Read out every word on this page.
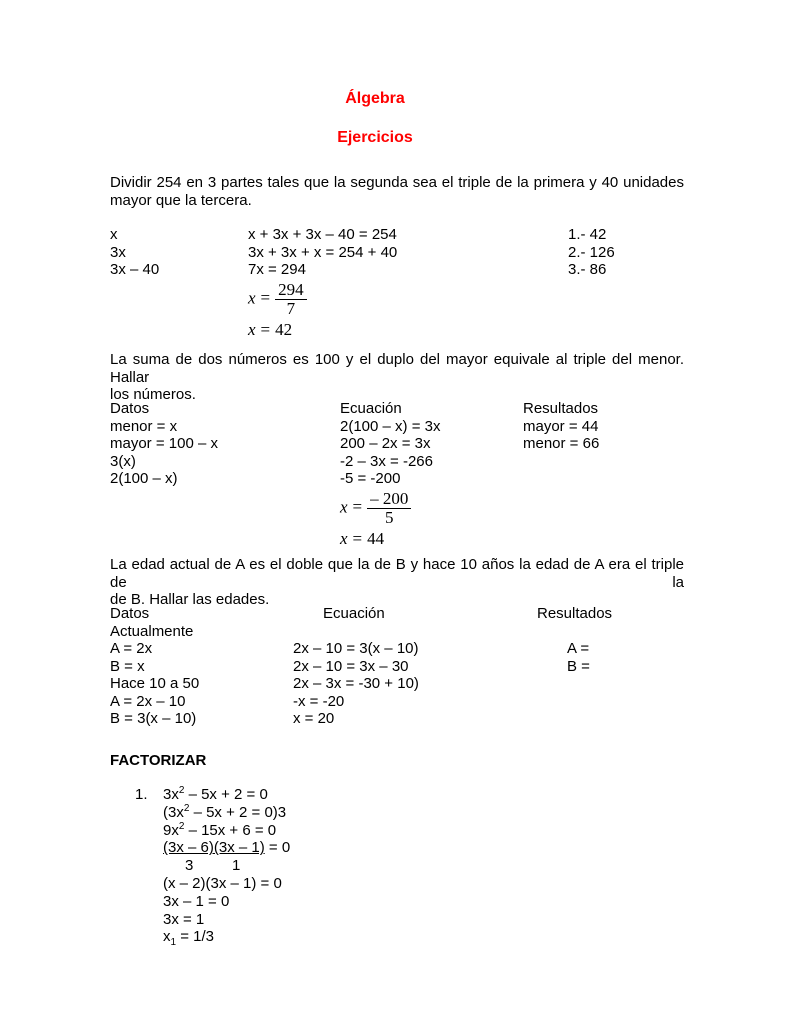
Álgebra
Ejercicios
Dividir 254 en 3 partes tales que la segunda sea el triple de la primera y 40 unidades
mayor que la tercera.
x
3x
3x – 40
x + 3x + 3x – 40 = 254
3x + 3x + x = 254 + 40
7x = 294
$x = \frac{294}{7}$
x = 42
1.- 42
2.- 126
3.- 86
La suma de dos números es 100 y el duplo del mayor equivale al triple del menor. Hallar
los números.
Datos
menor = x
mayor = 100 – x
3(x)
2(100 – x)
Ecuación
2(100 – x) = 3x
200 – 2x = 3x
-2 – 3x = -266
-5 = -200
$x = \frac{- 200}{5}$
x = 44
Resultados
mayor = 44
menor = 66
La edad actual de A es el doble que la de B y hace 10 años la edad de A era el triple de la
de B. Hallar las edades.
Datos
Actualmente
A = 2x
B = x
Hace 10 a 50
A = 2x – 10
B = 3(x – 10)
Ecuación
2x – 10 = 3(x – 10)
2x – 10 = 3x – 30
2x – 3x = -30 + 10)
-x = -20
x = 20
Resultados
A =
B =
FACTORIZAR
1. $3x^2 - 5x + 2 = 0$
$(3x^2 - 5x + 2 = 0)3$
$9x^2 - 15x + 6 = 0$
(3x – 6)(3x – 1) = 0
3	1
(x – 2)(3x – 1) = 0
3x – 1 = 0
3x = 1
$x_1 = 1/3$
